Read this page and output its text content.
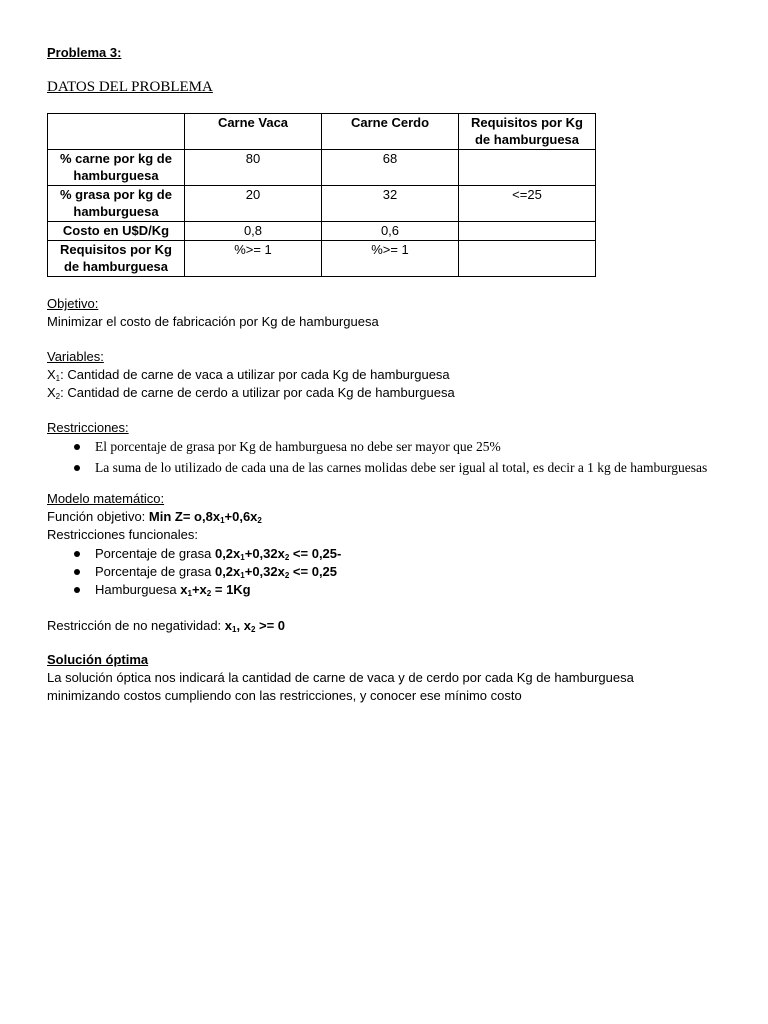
Problema 3:
DATOS DEL PROBLEMA
	Carne Vaca	Carne Cerdo	Requisitos por Kg de hamburguesa
% carne por kg de hamburguesa	80	68	
% grasa por kg de hamburguesa	20	32	<=25
Costo en U$D/Kg	0,8	0,6	
Requisitos por Kg de hamburguesa	%>= 1	%>= 1	
Objetivo:
Minimizar el costo de fabricación por Kg de hamburguesa
Variables:
$X_1$: Cantidad de carne de vaca a utilizar por cada Kg de hamburguesa
$X_2$: Cantidad de carne de cerdo a utilizar por cada Kg de hamburguesa
Restricciones:
El porcentaje de grasa por Kg de hamburguesa no debe ser mayor que 25%
La suma de lo utilizado de cada una de las carnes molidas debe ser igual al total, es decir a 1 kg de hamburguesas
Modelo matemático:
Función objetivo: Min $Z= o,8x_1+0,6x_2$
Restricciones funcionales:
Porcentaje de grasa $0,2x_1+0,32x_2 <= 0,25-$
Porcentaje de grasa $0,2x_1+0,32x_2 <= 0,25$
Hamburguesa $x_1+x_2 = 1Kg$
Restricción de no negatividad: $x_1$, $x_2 >= 0$
Solución óptima
La solución óptica nos indicará la cantidad de carne de vaca y de cerdo por cada Kg de hamburguesa
minimizando costos cumpliendo con las restricciones, y conocer ese mínimo costo
